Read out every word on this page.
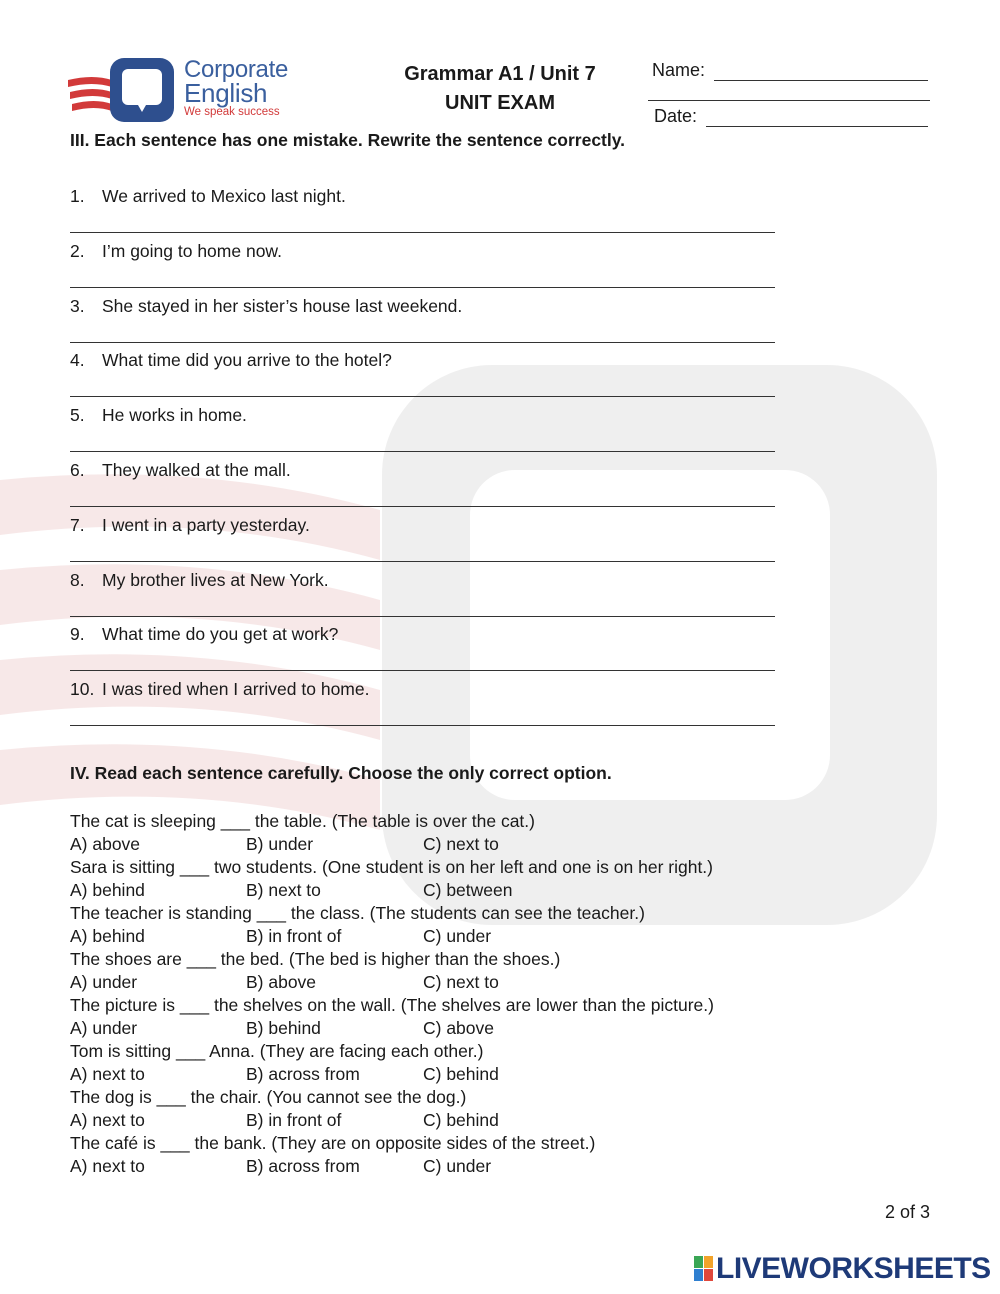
Corporate
English
We speak success
Grammar A1 / Unit 7
UNIT EXAM
Name:
Date:
III. Each sentence has one mistake. Rewrite the sentence correctly.
1. We arrived to Mexico last night.
2. I’m going to home now.
3. She stayed in her sister’s house last weekend.
4. What time did you arrive to the hotel?
5. He works in home.
6. They walked at the mall.
7. I went in a party yesterday.
8. My brother lives at New York.
9. What time do you get at work?
10. I was tired when I arrived to home.
IV. Read each sentence carefully. Choose the only correct option.
The cat is sleeping ___ the table. (The table is over the cat.)
A) above	B) under	C) next to
Sara is sitting ___ two students. (One student is on her left and one is on her right.)
A) behind	B) next to	C) between
The teacher is standing ___ the class. (The students can see the teacher.)
A) behind	B) in front of	C) under
The shoes are ___ the bed. (The bed is higher than the shoes.)
A) under	B) above	C) next to
The picture is ___ the shelves on the wall. (The shelves are lower than the picture.)
A) under	B) behind	C) above
Tom is sitting ___ Anna. (They are facing each other.)
A) next to	B) across from	C) behind
The dog is ___ the chair. (You cannot see the dog.)
A) next to	B) in front of	C) behind
The café is ___ the bank. (They are on opposite sides of the street.)
A) next to	B) across from	C) under
2 of 3
LIVEWORKSHEETS
